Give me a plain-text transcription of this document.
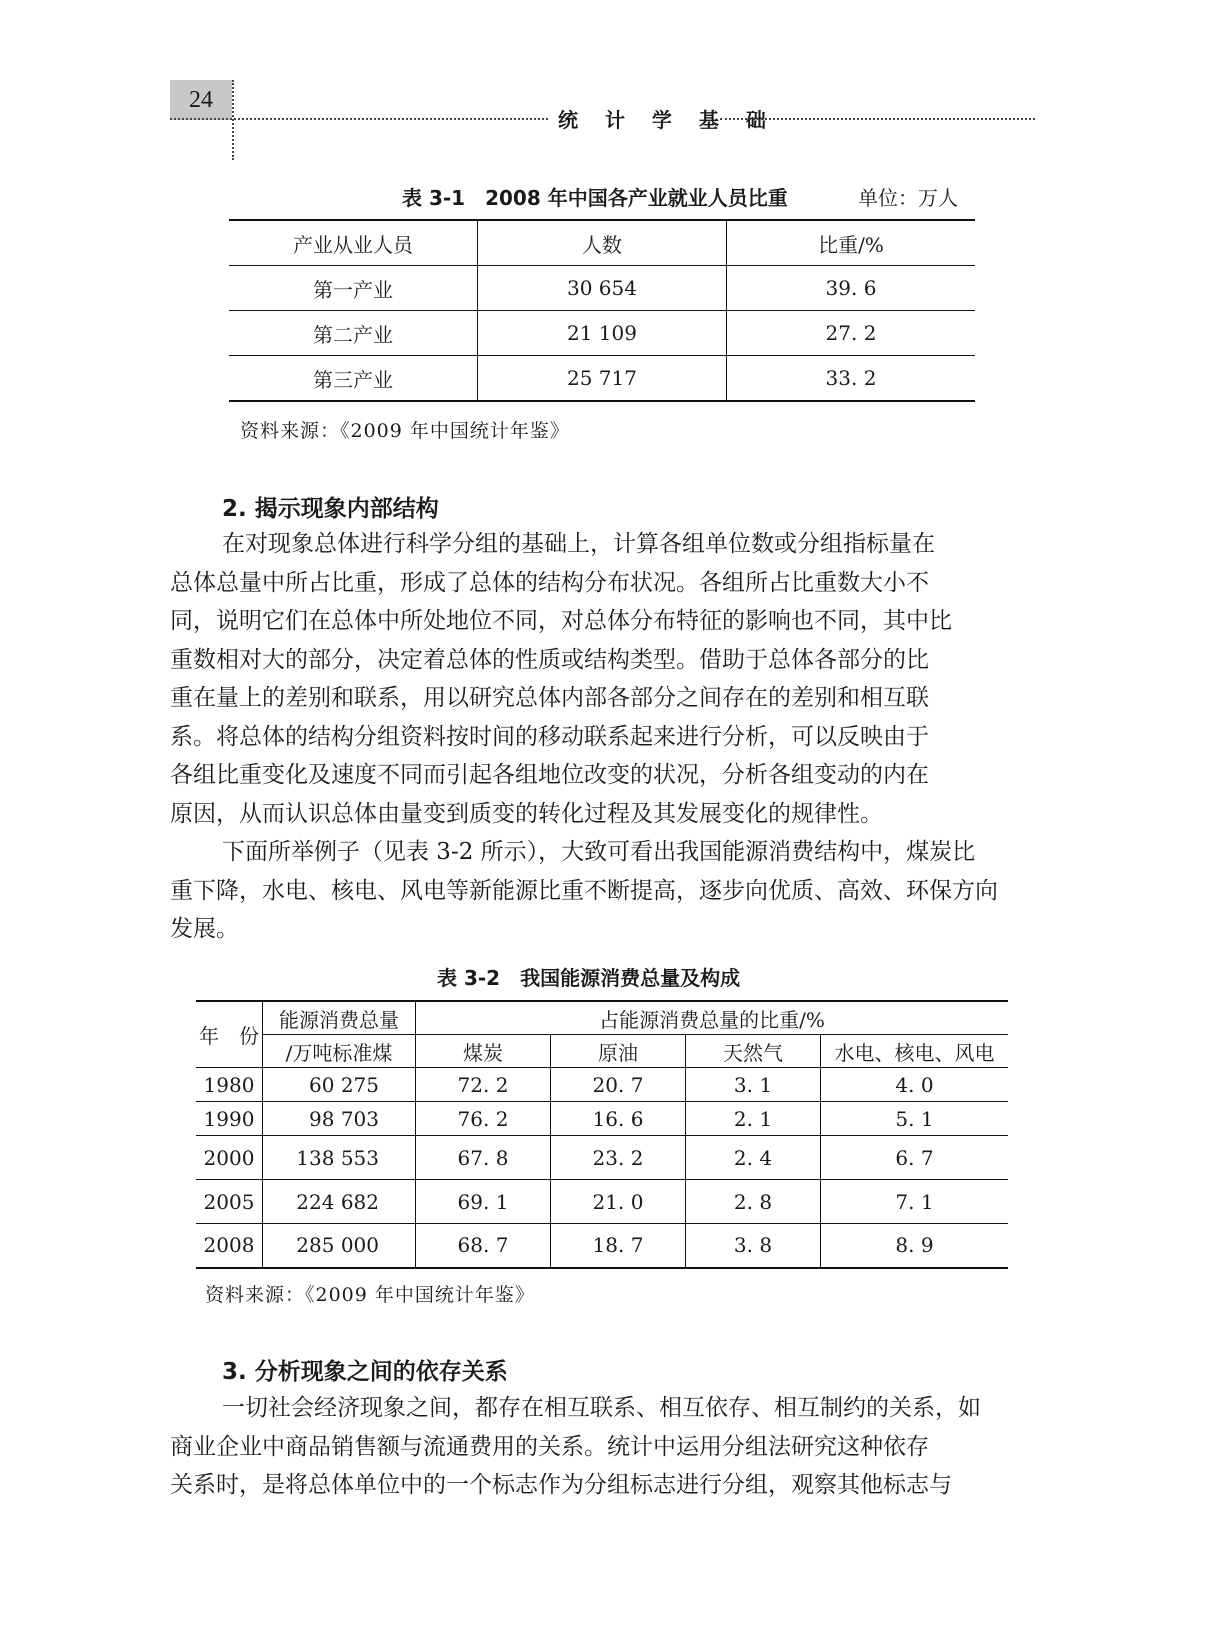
24
统 计 学 基 础
表 3-1　2008 年中国各产业就业人员比重	单位：万人
产业从业人员	人数	比重/%
第一产业	30 654	39. 6
第二产业	21 109	27. 2
第三产业	25 717	33. 2
资料来源：《2009 年中国统计年鉴》
2. 揭示现象内部结构
在对现象总体进行科学分组的基础上，计算各组单位数或分组指标量在
总体总量中所占比重，形成了总体的结构分布状况。各组所占比重数大小不
同，说明它们在总体中所处地位不同，对总体分布特征的影响也不同，其中比
重数相对大的部分，决定着总体的性质或结构类型。借助于总体各部分的比
重在量上的差别和联系，用以研究总体内部各部分之间存在的差别和相互联
系。将总体的结构分组资料按时间的移动联系起来进行分析，可以反映由于
各组比重变化及速度不同而引起各组地位改变的状况，分析各组变动的内在
原因，从而认识总体由量变到质变的转化过程及其发展变化的规律性。
下面所举例子（见表 3-2 所示），大致可看出我国能源消费结构中，煤炭比
重下降，水电、核电、风电等新能源比重不断提高，逐步向优质、高效、环保方向
发展。
表 3-2　我国能源消费总量及构成
年　份	能源消费总量	占能源消费总量的比重/%			
	/万吨标准煤	煤炭	原油	天然气	水电、核电、风电
1980	60 275	72. 2	20. 7	3. 1	4. 0
1990	98 703	76. 2	16. 6	2. 1	5. 1
2000	138 553	67. 8	23. 2	2. 4	6. 7
2005	224 682	69. 1	21. 0	2. 8	7. 1
2008	285 000	68. 7	18. 7	3. 8	8. 9
资料来源：《2009 年中国统计年鉴》
3. 分析现象之间的依存关系
一切社会经济现象之间，都存在相互联系、相互依存、相互制约的关系，如
商业企业中商品销售额与流通费用的关系。统计中运用分组法研究这种依存
关系时，是将总体单位中的一个标志作为分组标志进行分组，观察其他标志与
